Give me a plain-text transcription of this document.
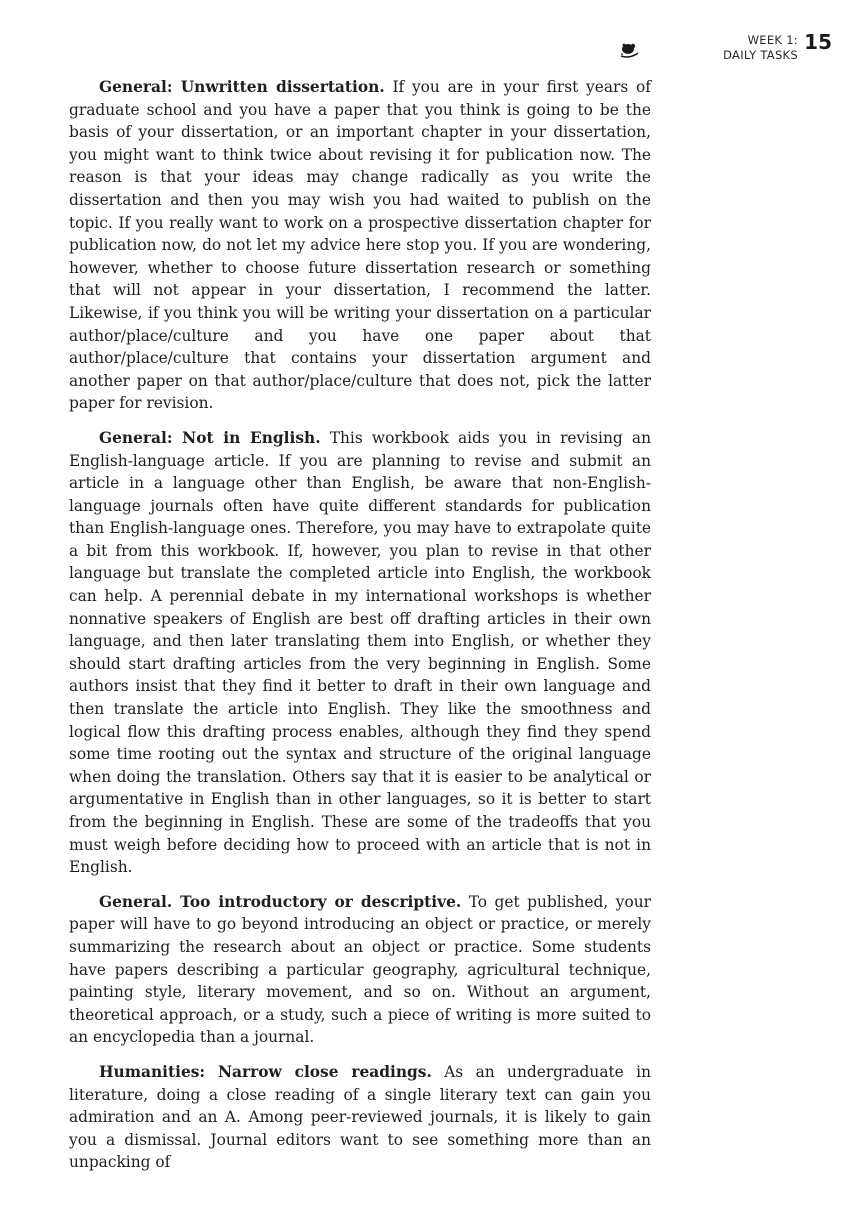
WEEK 1:
DAILY TASKS
15

General: Unwritten dissertation. If you are in your first years of graduate school and you have a paper that you think is going to be the basis of your dissertation, or an important chapter in your dissertation, you might want to think twice about revising it for publication now. The reason is that your ideas may change radically as you write the dissertation and then you may wish you had waited to publish on the topic. If you really want to work on a prospective dissertation chapter for publication now, do not let my advice here stop you. If you are wondering, however, whether to choose future dissertation research or something that will not appear in your dissertation, I recommend the latter. Likewise, if you think you will be writing your dissertation on a particular author/place/culture and you have one paper about that author/place/culture that contains your dissertation argument and another paper on that author/place/culture that does not, pick the latter paper for revision.

General: Not in English. This workbook aids you in revising an English-language article. If you are planning to revise and submit an article in a language other than English, be aware that non-English-language journals often have quite different standards for publication than English-language ones. Therefore, you may have to extrapolate quite a bit from this workbook. If, however, you plan to revise in that other language but translate the completed article into English, the workbook can help. A perennial debate in my international workshops is whether nonnative speakers of English are best off drafting articles in their own language, and then later translating them into English, or whether they should start drafting articles from the very beginning in English. Some authors insist that they find it better to draft in their own language and then translate the article into English. They like the smoothness and logical flow this drafting process enables, although they find they spend some time rooting out the syntax and structure of the original language when doing the translation. Others say that it is easier to be analytical or argumentative in English than in other languages, so it is better to start from the beginning in English. These are some of the tradeoffs that you must weigh before deciding how to proceed with an article that is not in English.

General. Too introductory or descriptive. To get published, your paper will have to go beyond introducing an object or practice, or merely summarizing the research about an object or practice. Some students have papers describing a particular geography, agricultural technique, painting style, literary movement, and so on. Without an argument, theoretical approach, or a study, such a piece of writing is more suited to an encyclopedia than a journal.

Humanities: Narrow close readings. As an undergraduate in literature, doing a close reading of a single literary text can gain you admiration and an A. Among peer-reviewed journals, it is likely to gain you a dismissal. Journal editors want to see something more than an unpacking of
